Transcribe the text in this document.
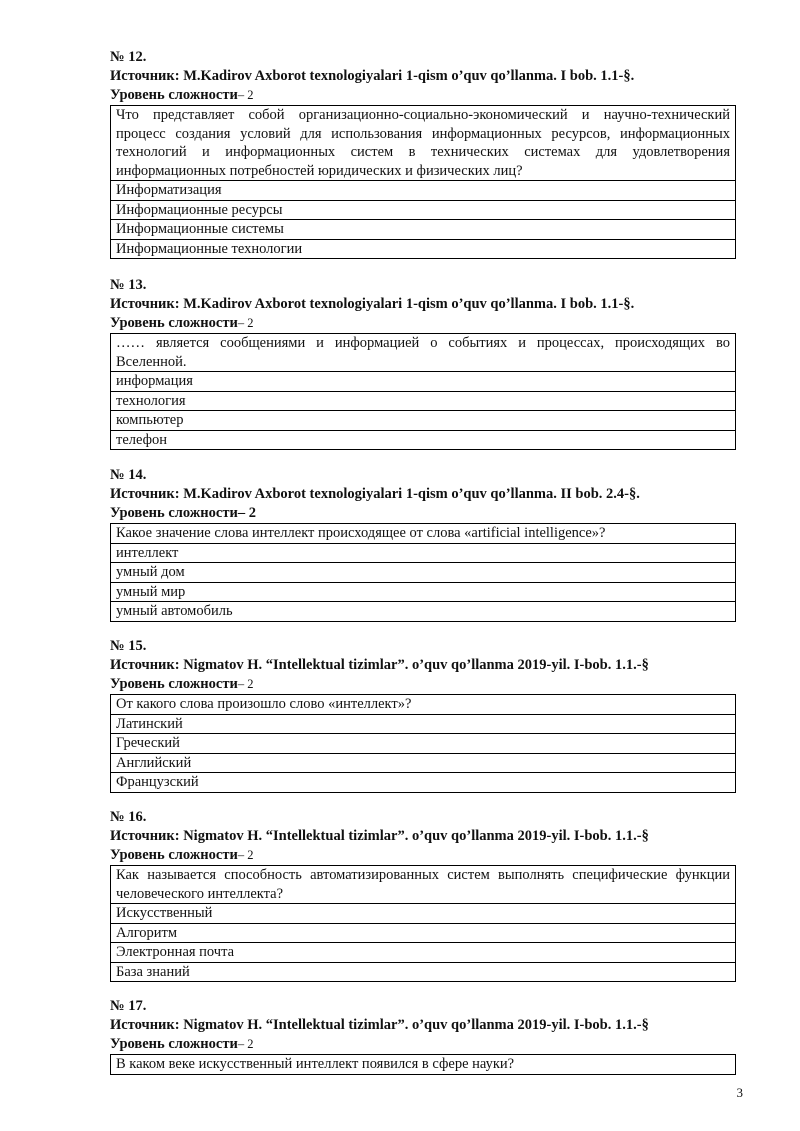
№ 12.
Источник: M.Kadirov Axborot texnologiyalari 1-qism o’quv qo’llanma. I bob. 1.1-§.
Уровень сложности– 2
Что представляет собой организационно-социально-экономический и научно-технический процесс создания условий для использования информационных ресурсов, информационных технологий и информационных систем в технических системах для удовлетворения информационных потребностей юридических и физических лиц?
Информатизация
Информационные ресурсы
Информационные системы
Информационные технологии
№ 13.
Источник: M.Kadirov Axborot texnologiyalari 1-qism o’quv qo’llanma. I bob. 1.1-§.
Уровень сложности– 2
…… является сообщениями и информацией о событиях и процессах, происходящих во Вселенной.
информация
технология
компьютер
телефон
№ 14.
Источник: M.Kadirov Axborot texnologiyalari 1-qism o’quv qo’llanma. II bob. 2.4-§.
Уровень сложности– 2
Какое значение слова интеллект происходящее от слова «artificial intelligence»?
интеллект
умный дом
умный мир
умный автомобиль
№ 15.
Источник: Nigmatov H. “Intellektual tizimlar”. o’quv qo’llanma 2019-yil. I-bob. 1.1.-§
Уровень сложности– 2
От какого слова произошло слово «интеллект»?
Латинский
Греческий
Английский
Французский
№ 16.
Источник: Nigmatov H. “Intellektual tizimlar”. o’quv qo’llanma 2019-yil. I-bob. 1.1.-§
Уровень сложности– 2
Как называется способность автоматизированных систем выполнять специфические функции человеческого интеллекта?
Искусственный
Алгоритм
Электронная почта
База знаний
№ 17.
Источник: Nigmatov H. “Intellektual tizimlar”. o’quv qo’llanma 2019-yil. I-bob. 1.1.-§
Уровень сложности– 2
В каком веке искусственный интеллект появился в сфере науки?
3
